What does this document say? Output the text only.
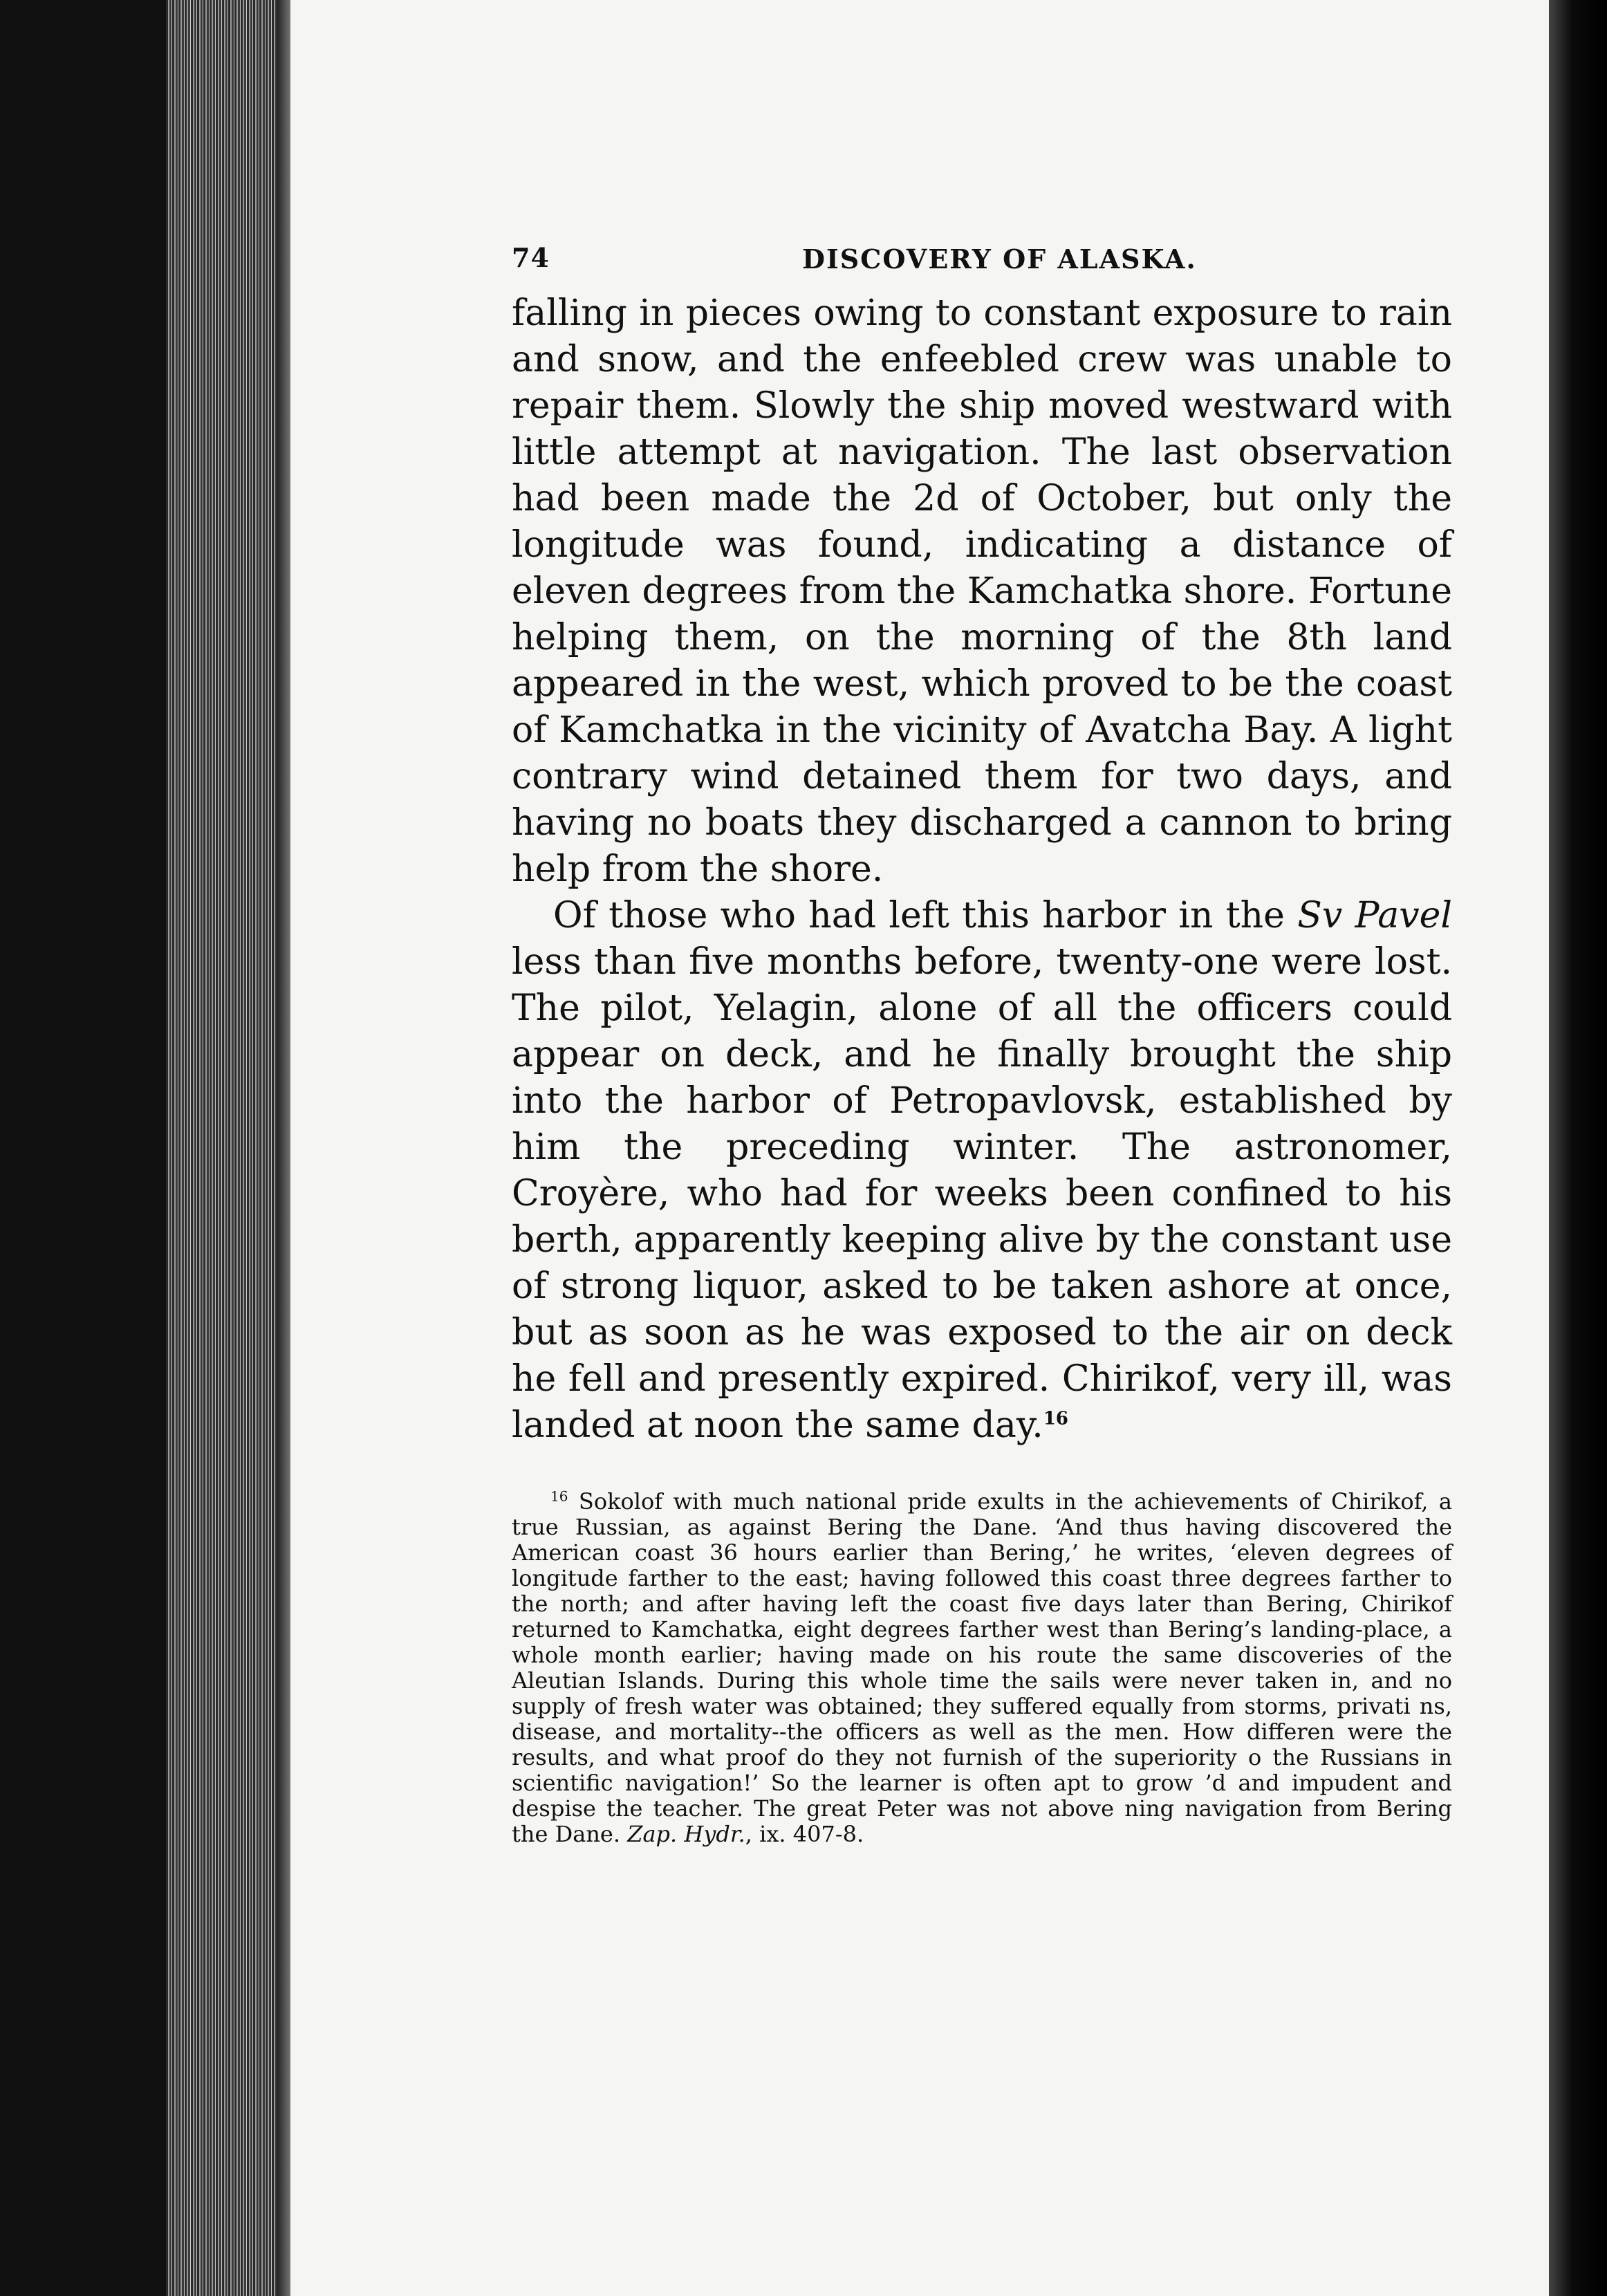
74	DISCOVERY OF ALASKA.

falling in pieces owing to constant exposure to rain and snow, and the enfeebled crew was unable to repair them. Slowly the ship moved westward with little attempt at navigation. The last observation had been made the 2d of October, but only the longitude was found, indicating a distance of eleven degrees from the Kamchatka shore. Fortune helping them, on the morning of the 8th land appeared in the west, which proved to be the coast of Kamchatka in the vicinity of Avatcha Bay. A light contrary wind detained them for two days, and having no boats they discharged a cannon to bring help from the shore.

Of those who had left this harbor in the Sv Pavel less than five months before, twenty-one were lost. The pilot, Yelagin, alone of all the officers could appear on deck, and he finally brought the ship into the harbor of Petropavlovsk, established by him the preceding winter. The astronomer, Croyère, who had for weeks been confined to his berth, apparently keeping alive by the constant use of strong liquor, asked to be taken ashore at once, but as soon as he was exposed to the air on deck he fell and presently expired. Chirikof, very ill, was landed at noon the same day.$^{16}$

$^{16}$ Sokolof with much national pride exults in the achievements of Chirikof, a true Russian, as against Bering the Dane. ‘And thus having discovered the American coast 36 hours earlier than Bering,’ he writes, ‘eleven degrees of longitude farther to the east; having followed this coast three degrees farther to the north; and after having left the coast five days later than Bering, Chirikof returned to Kamchatka, eight degrees farther west than Bering’s landing-place, a whole month earlier; having made on his route the same discoveries of the Aleutian Islands. During this whole time the sails were never taken in, and no supply of fresh water was obtained; they suffered equally from storms, privati ns, disease, and mortality--the officers as well as the men. How differen were the results, and what proof do they not furnish of the superiority o the Russians in scientific navigation!’ So the learner is often apt to grow ’d and impudent and despise the teacher. The great Peter was not above ning navigation from Bering the Dane. Zap. Hydr., ix. 407-8.
